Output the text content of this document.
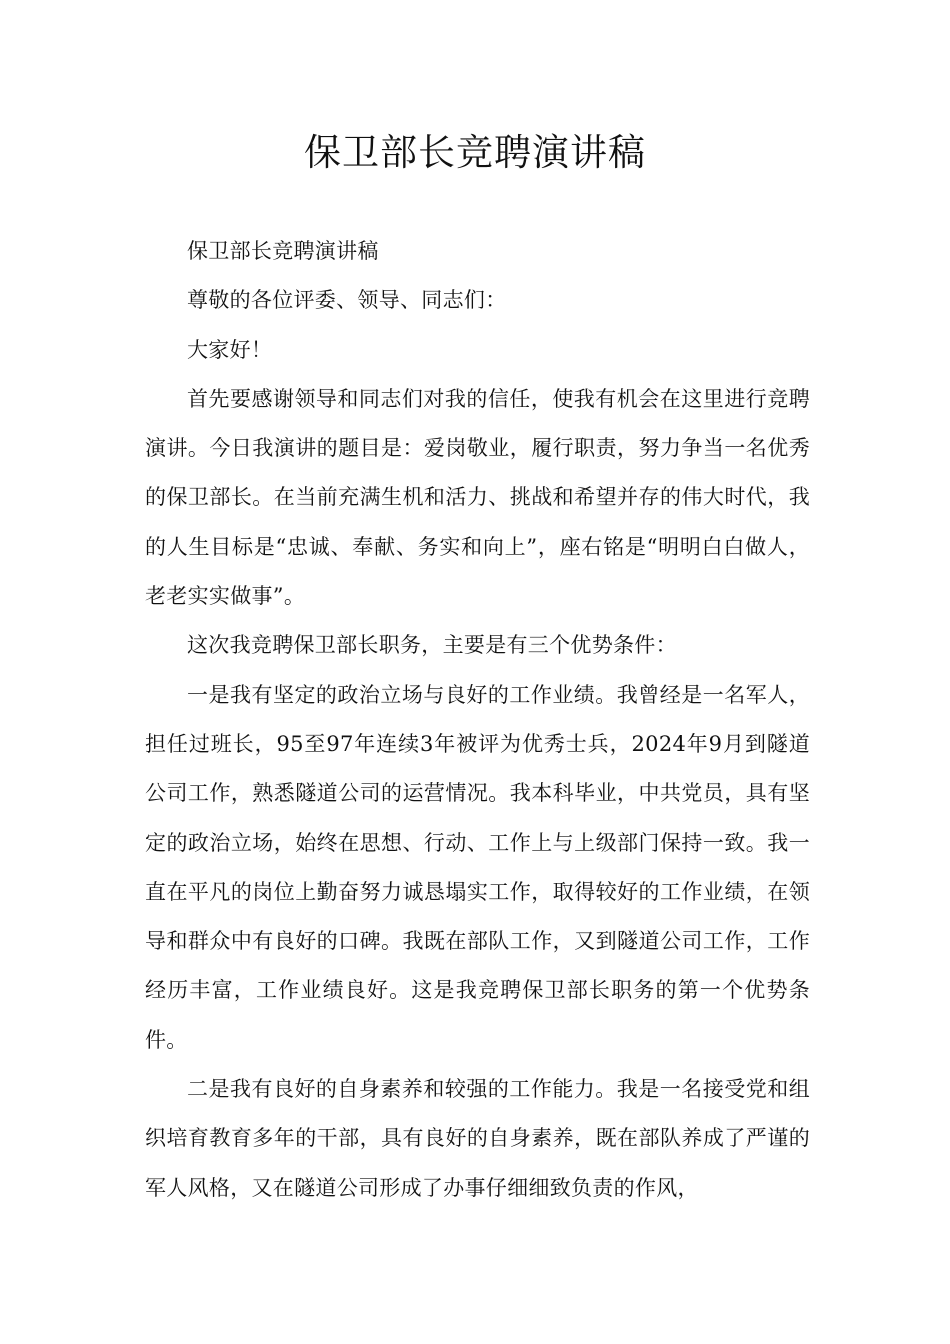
保卫部长竞聘演讲稿

保卫部长竞聘演讲稿

尊敬的各位评委、领导、同志们：

大家好！

首先要感谢领导和同志们对我的信任，使我有机会在这里进行竞聘演讲。今日我演讲的题目是：爱岗敬业，履行职责，努力争当一名优秀的保卫部长。在当前充满生机和活力、挑战和希望并存的伟大时代，我的人生目标是“忠诚、奉献、务实和向上”，座右铭是“明明白白做人，老老实实做事”。

这次我竞聘保卫部长职务，主要是有三个优势条件：

一是我有坚定的政治立场与良好的工作业绩。我曾经是一名军人，担任过班长，95至97年连续3年被评为优秀士兵，2024年9月到隧道公司工作，熟悉隧道公司的运营情况。我本科毕业，中共党员，具有坚定的政治立场，始终在思想、行动、工作上与上级部门保持一致。我一直在平凡的岗位上勤奋努力诚恳塌实工作，取得较好的工作业绩，在领导和群众中有良好的口碑。我既在部队工作，又到隧道公司工作，工作经历丰富，工作业绩良好。这是我竞聘保卫部长职务的第一个优势条件。

二是我有良好的自身素养和较强的工作能力。我是一名接受党和组织培育教育多年的干部，具有良好的自身素养，既在部队养成了严谨的军人风格，又在隧道公司形成了办事仔细细致负责的作风，
